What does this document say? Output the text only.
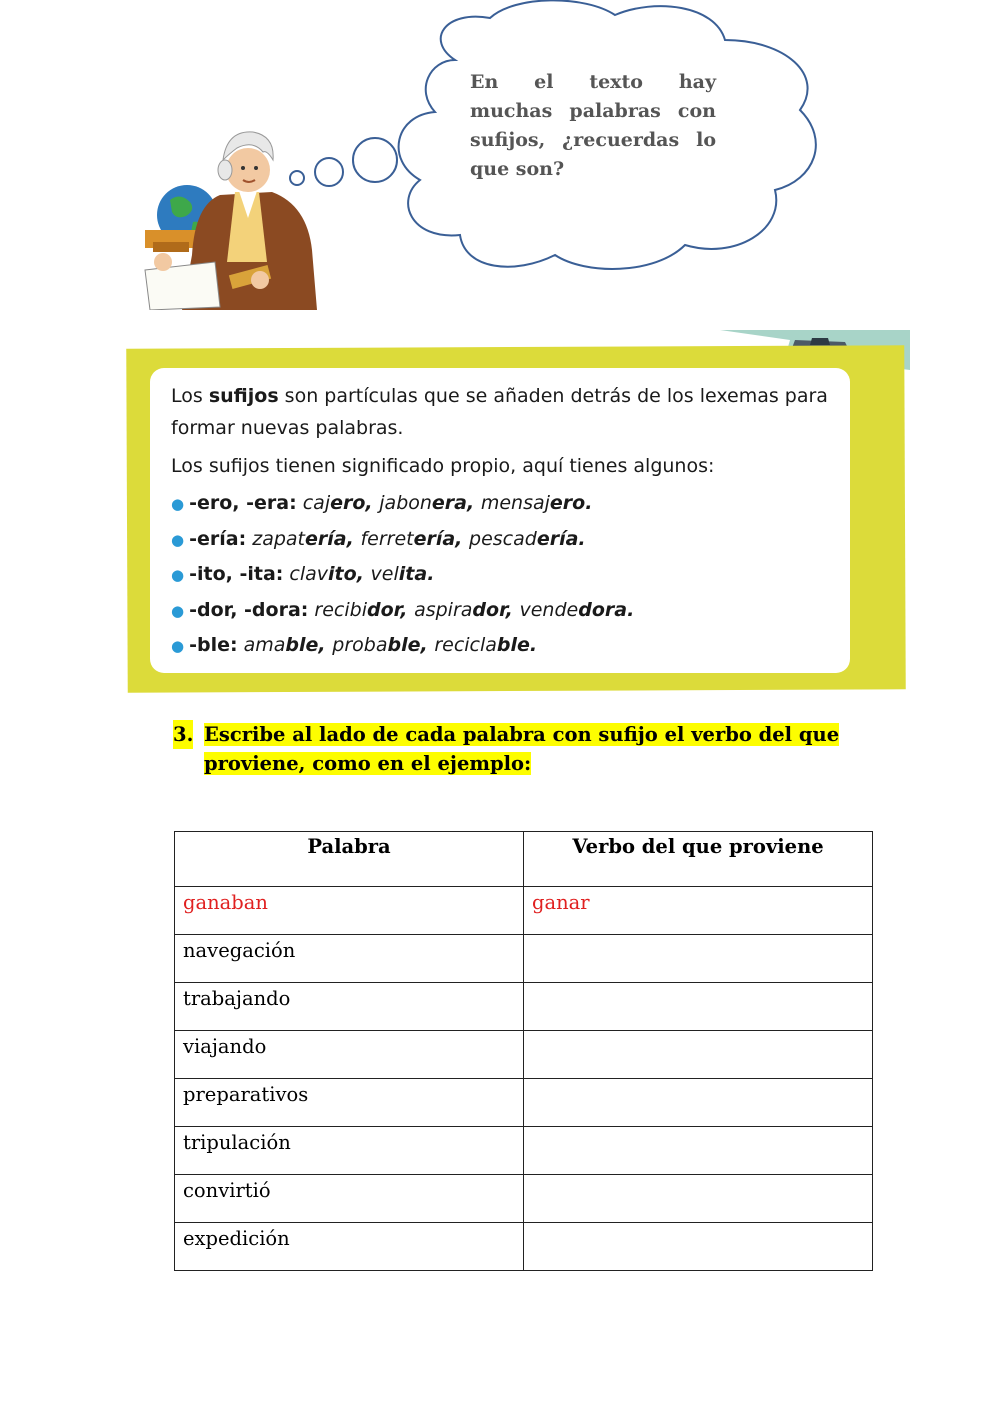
En el texto hay muchas palabras con sufijos, ¿recuerdas lo que son?

Los sufijos son partículas que se añaden detrás de los lexemas para formar nuevas palabras.

Los sufijos tienen significado propio, aquí tienes algunos:

● -ero, -era: cajero, jabonera, mensajero.
● -ería: zapatería, ferretería, pescadería.
● -ito, -ita: clavito, velita.
● -dor, -dora: recibidor, aspirador, vendedora.
● -ble: amable, probable, reciclable.
3. Escribe al lado de cada palabra con sufijo el verbo del que proviene, como en el ejemplo:
Palabra	Verbo del que proviene
ganaban	ganar
navegación	
trabajando	
viajando	
preparativos	
tripulación	
convirtió	
expedición	
